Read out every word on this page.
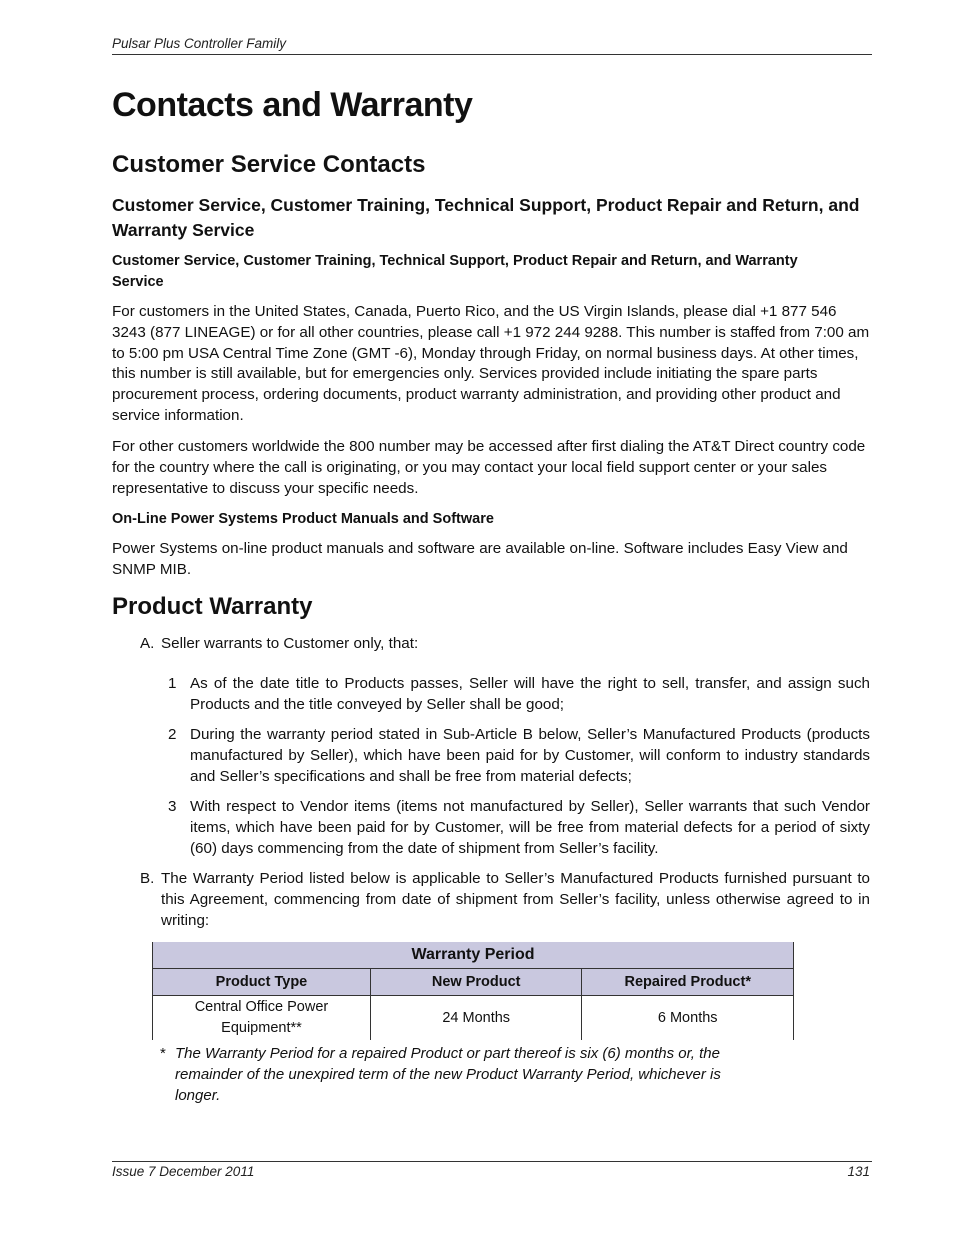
Pulsar Plus Controller Family
Contacts and Warranty
Customer Service Contacts
Customer Service, Customer Training, Technical Support, Product Repair and Return, and Warranty Service
Customer Service, Customer Training, Technical Support, Product Repair and Return, and Warranty Service

For customers in the United States, Canada, Puerto Rico, and the US Virgin Islands, please dial +1 877 546 3243 (877 LINEAGE) or for all other countries, please call +1 972 244 9288. This number is staffed from 7:00 am to 5:00 pm USA Central Time Zone (GMT -6), Monday through Friday, on normal business days. At other times, this number is still available, but for emergencies only. Services provided include initiating the spare parts procurement process, ordering documents, product warranty administration, and providing other product and service information.

For other customers worldwide the 800 number may be accessed after first dialing the AT&T Direct country code for the country where the call is originating, or you may contact your local field support center or your sales representative to discuss your specific needs.

On-Line Power Systems Product Manuals and Software

Power Systems on-line product manuals and software are available on-line. Software includes Easy View and SNMP MIB.

Product Warranty
A. Seller warrants to Customer only, that:
1 As of the date title to Products passes, Seller will have the right to sell, transfer, and assign such Products and the title conveyed by Seller shall be good;
2 During the warranty period stated in Sub-Article B below, Seller’s Manufactured Products (products manufactured by Seller), which have been paid for by Customer, will conform to industry standards and Seller’s specifications and shall be free from material defects;
3 With respect to Vendor items (items not manufactured by Seller), Seller warrants that such Vendor items, which have been paid for by Customer, will be free from material defects for a period of sixty (60) days commencing from the date of shipment from Seller’s facility.
B. The Warranty Period listed below is applicable to Seller’s Manufactured Products furnished pursuant to this Agreement, commencing from date of shipment from Seller’s facility, unless otherwise agreed to in writing:
Warranty Period		
Product Type	New Product	Repaired Product*
Central Office Power Equipment**	24 Months	6 Months
* The Warranty Period for a repaired Product or part thereof is six (6) months or, the remainder of the unexpired term of the new Product Warranty Period, whichever is longer.
Issue 7 December 2011	131
